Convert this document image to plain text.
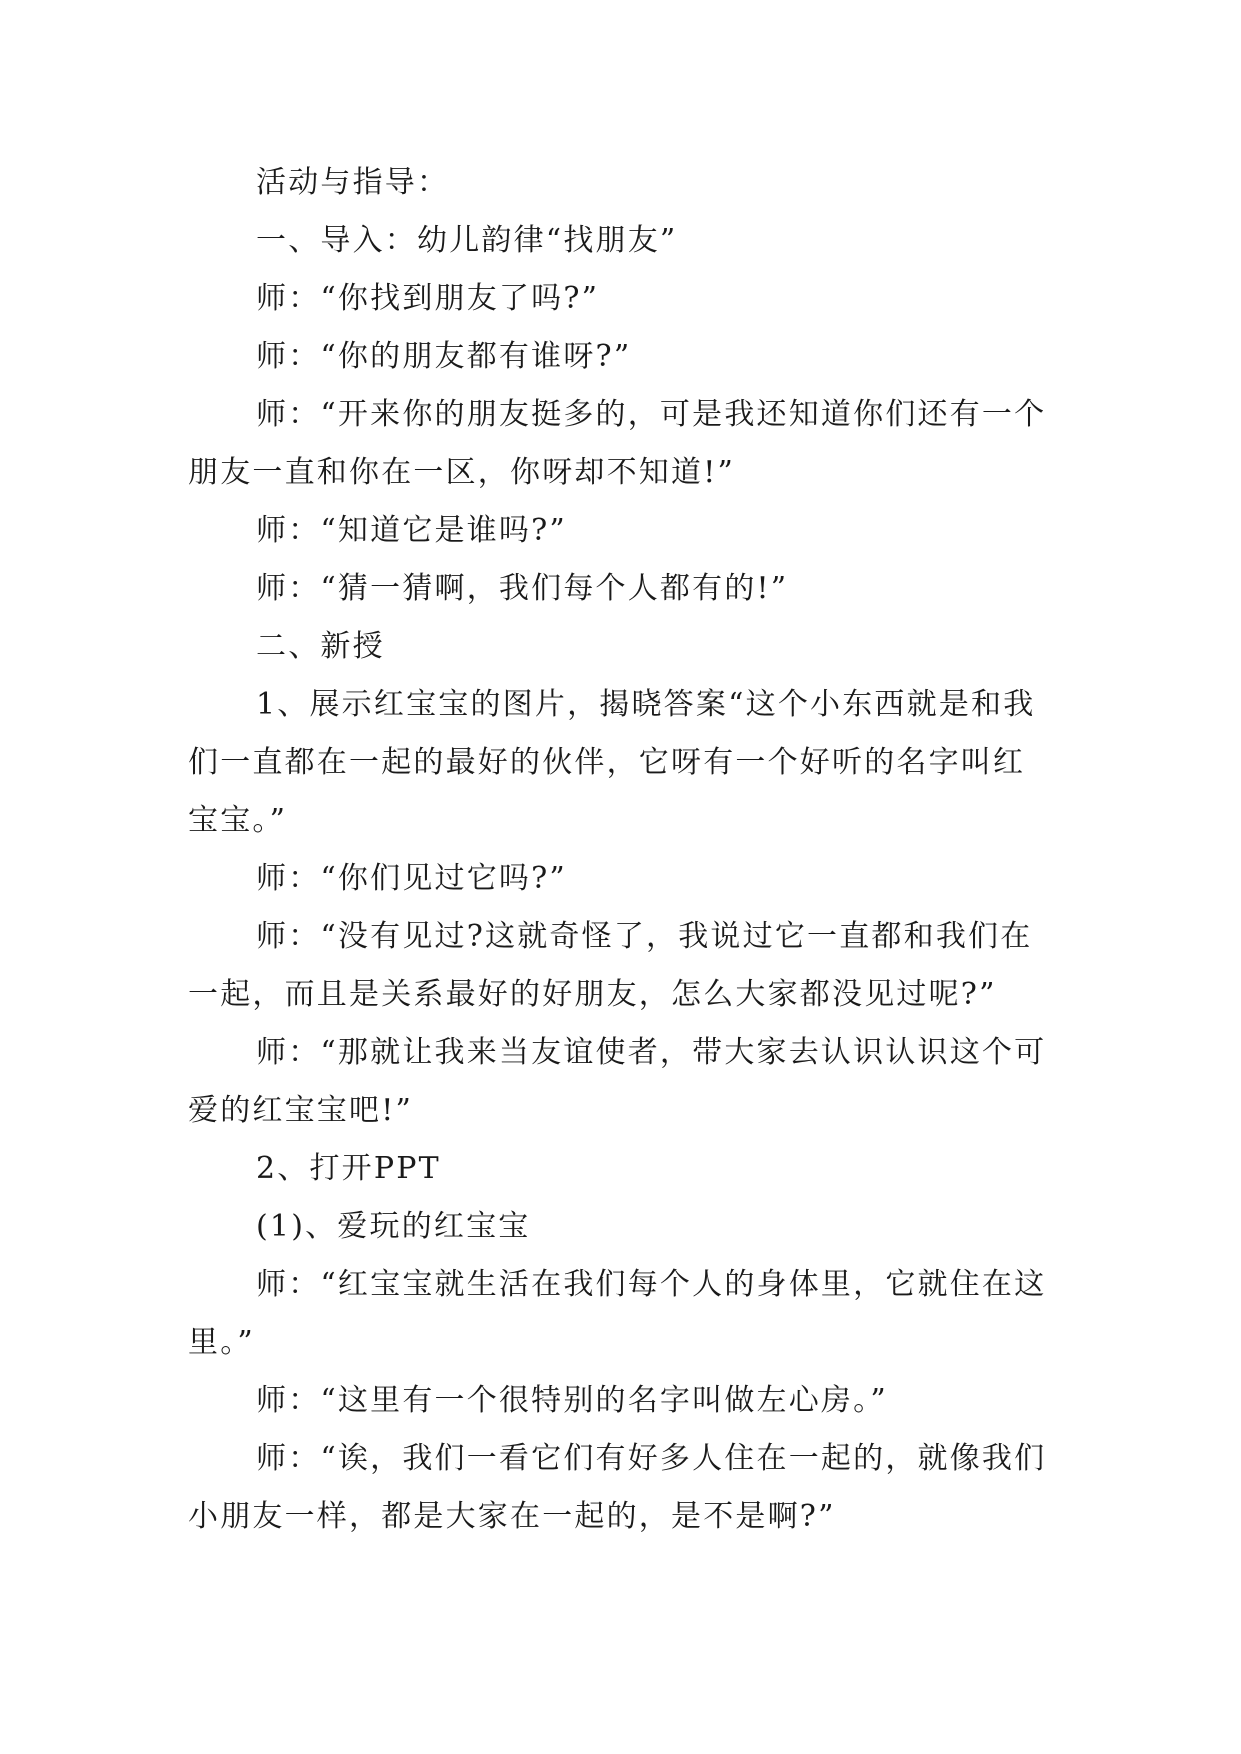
活动与指导：

一、导入：幼儿韵律“找朋友”

师：“你找到朋友了吗?”

师：“你的朋友都有谁呀?”

师：“开来你的朋友挺多的，可是我还知道你们还有一个朋友一直和你在一区，你呀却不知道!”

师：“知道它是谁吗?”

师：“猜一猜啊，我们每个人都有的!”

二、新授

1、展示红宝宝的图片，揭晓答案“这个小东西就是和我们一直都在一起的最好的伙伴，它呀有一个好听的名字叫红宝宝。”

师：“你们见过它吗?”

师：“没有见过?这就奇怪了，我说过它一直都和我们在一起，而且是关系最好的好朋友，怎么大家都没见过呢?”

师：“那就让我来当友谊使者，带大家去认识认识这个可爱的红宝宝吧!”

2、打开PPT

(1)、爱玩的红宝宝

师：“红宝宝就生活在我们每个人的身体里，它就住在这里。”

师：“这里有一个很特别的名字叫做左心房。”

师：“诶，我们一看它们有好多人住在一起的，就像我们小朋友一样，都是大家在一起的，是不是啊?”
